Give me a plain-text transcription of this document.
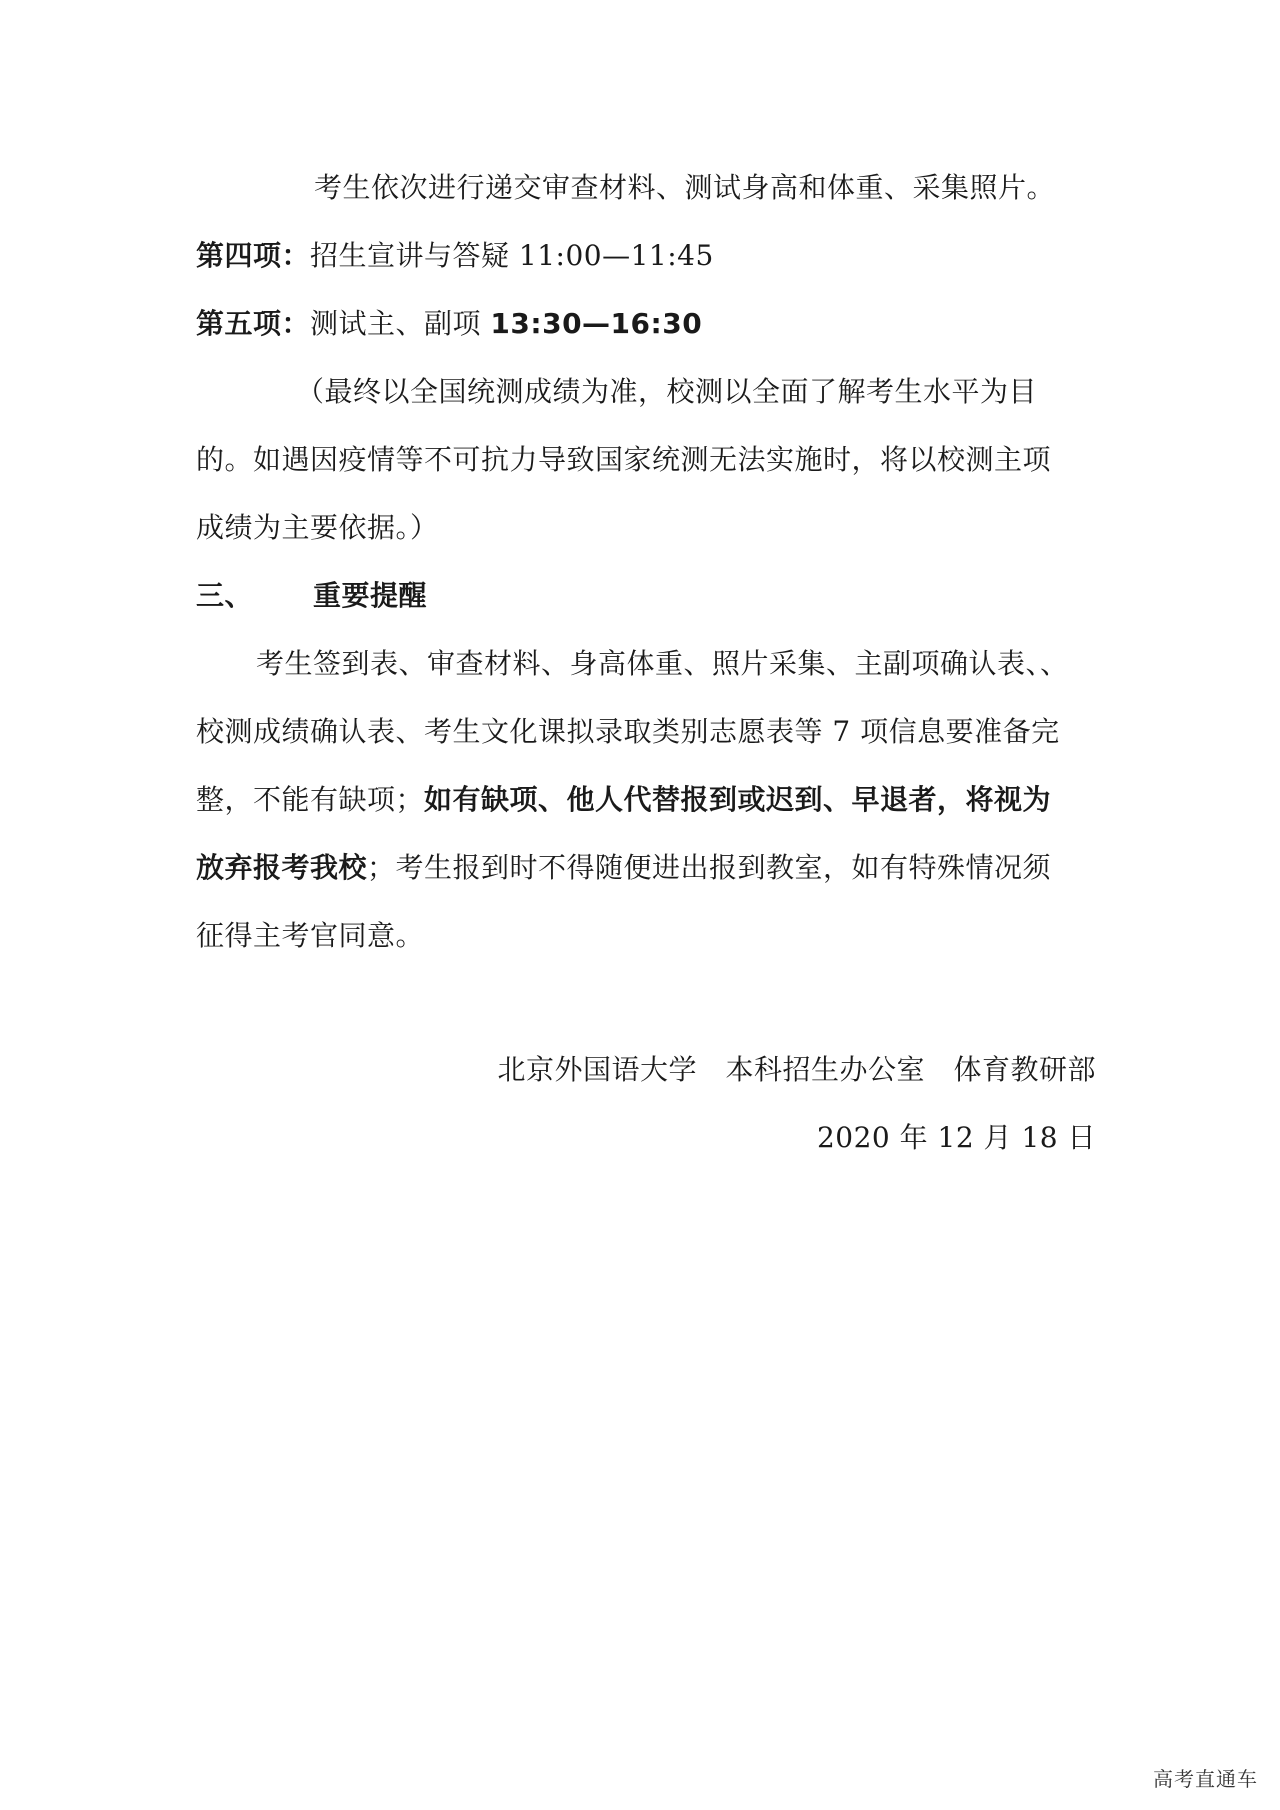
考生依次进行递交审查材料、测试身高和体重、采集照片。
第四项：招生宣讲与答疑 11:00—11:45
第五项：测试主、副项 13:30—16:30
（最终以全国统测成绩为准，校测以全面了解考生水平为目
的。如遇因疫情等不可抗力导致国家统测无法实施时，将以校测主项
成绩为主要依据。）
三、 重要提醒
考生签到表、审查材料、身高体重、照片采集、主副项确认表、、
校测成绩确认表、考生文化课拟录取类别志愿表等 7 项信息要准备完
整，不能有缺项；如有缺项、他人代替报到或迟到、早退者，将视为
放弃报考我校；考生报到时不得随便进出报到教室，如有特殊情况须
征得主考官同意。
北京外国语大学　本科招生办公室　体育教研部
2020 年 12 月 18 日
高考直通车
